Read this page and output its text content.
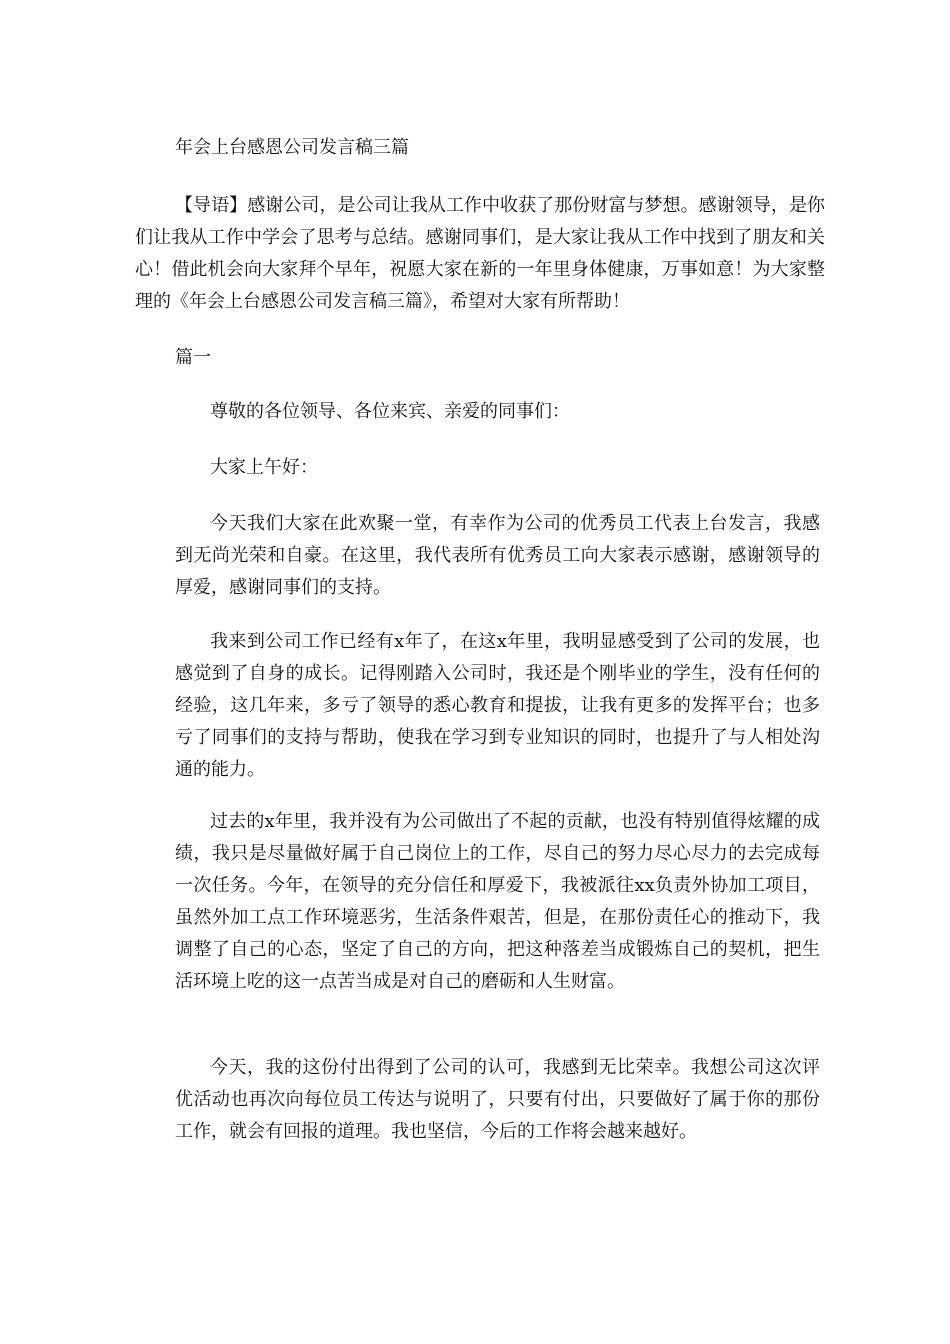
年会上台感恩公司发言稿三篇

【导语】感谢公司，是公司让我从工作中收获了那份财富与梦想。感谢领导，是你们让我从工作中学会了思考与总结。感谢同事们，是大家让我从工作中找到了朋友和关心！借此机会向大家拜个早年，祝愿大家在新的一年里身体健康，万事如意！为大家整理的《年会上台感恩公司发言稿三篇》，希望对大家有所帮助！

篇一

尊敬的各位领导、各位来宾、亲爱的同事们：

大家上午好：

今天我们大家在此欢聚一堂，有幸作为公司的优秀员工代表上台发言，我感到无尚光荣和自豪。在这里，我代表所有优秀员工向大家表示感谢，感谢领导的厚爱，感谢同事们的支持。

我来到公司工作已经有x年了，在这x年里，我明显感受到了公司的发展，也感觉到了自身的成长。记得刚踏入公司时，我还是个刚毕业的学生，没有任何的经验，这几年来，多亏了领导的悉心教育和提拔，让我有更多的发挥平台；也多亏了同事们的支持与帮助，使我在学习到专业知识的同时，也提升了与人相处沟通的能力。

过去的x年里，我并没有为公司做出了不起的贡献，也没有特别值得炫耀的成绩，我只是尽量做好属于自己岗位上的工作，尽自己的努力尽心尽力的去完成每一次任务。今年，在领导的充分信任和厚爱下，我被派往xx负责外协加工项目，虽然外加工点工作环境恶劣，生活条件艰苦，但是，在那份责任心的推动下，我调整了自己的心态，坚定了自己的方向，把这种落差当成锻炼自己的契机，把生活环境上吃的这一点苦当成是对自己的磨砺和人生财富。

今天，我的这份付出得到了公司的认可，我感到无比荣幸。我想公司这次评优活动也再次向每位员工传达与说明了，只要有付出，只要做好了属于你的那份工作，就会有回报的道理。我也坚信，今后的工作将会越来越好。
